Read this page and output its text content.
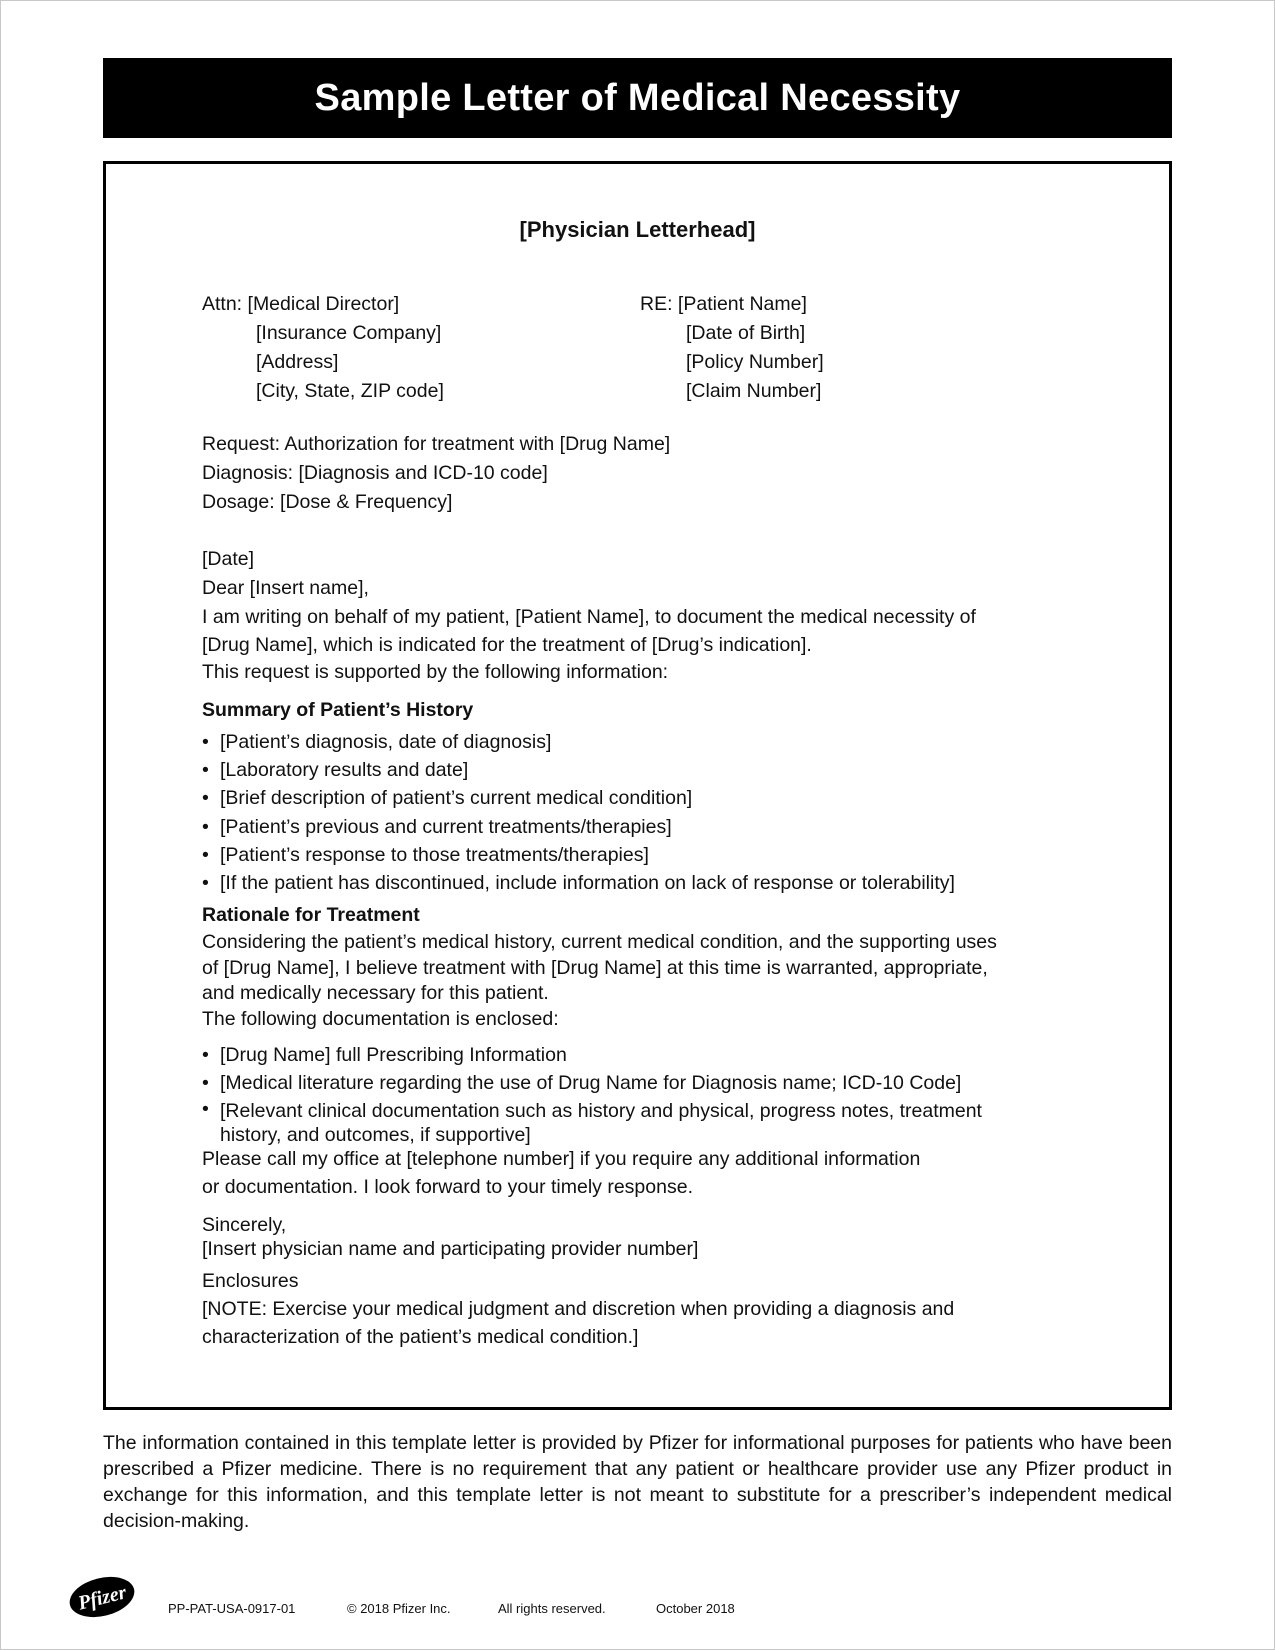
Sample Letter of Medical Necessity
[Physician Letterhead]
Attn: [Medical Director]
[Insurance Company]
[Address]
[City, State, ZIP code]
RE: [Patient Name]
[Date of Birth]
[Policy Number]
[Claim Number]
Request: Authorization for treatment with [Drug Name]
Diagnosis: [Diagnosis and ICD-10 code]
Dosage: [Dose & Frequency]
[Date]
Dear [Insert name],
I am writing on behalf of my patient, [Patient Name], to document the medical necessity of
[Drug Name], which is indicated for the treatment of [Drug’s indication].
This request is supported by the following information:
Summary of Patient’s History
• [Patient’s diagnosis, date of diagnosis]
• [Laboratory results and date]
• [Brief description of patient’s current medical condition]
• [Patient’s previous and current treatments/therapies]
• [Patient’s response to those treatments/therapies]
• [If the patient has discontinued, include information on lack of response or tolerability]
Rationale for Treatment
Considering the patient’s medical history, current medical condition, and the supporting uses
of [Drug Name], I believe treatment with [Drug Name] at this time is warranted, appropriate,
and medically necessary for this patient.
The following documentation is enclosed:
• [Drug Name] full Prescribing Information
• [Medical literature regarding the use of Drug Name for Diagnosis name; ICD-10 Code]
• [Relevant clinical documentation such as history and physical, progress notes, treatment
history, and outcomes, if supportive]
Please call my office at [telephone number] if you require any additional information
or documentation. I look forward to your timely response.
Sincerely,
[Insert physician name and participating provider number]
Enclosures
[NOTE: Exercise your medical judgment and discretion when providing a diagnosis and
characterization of the patient’s medical condition.]
The information contained in this template letter is provided by Pfizer for informational purposes for patients who have been prescribed a Pfizer medicine. There is no requirement that any patient or healthcare provider use any Pfizer product in exchange for this information, and this template letter is not meant to substitute for a prescriber’s independent medical decision-making.
Pfizer	PP-PAT-USA-0917-01	© 2018 Pfizer Inc.	All rights reserved.	October 2018
